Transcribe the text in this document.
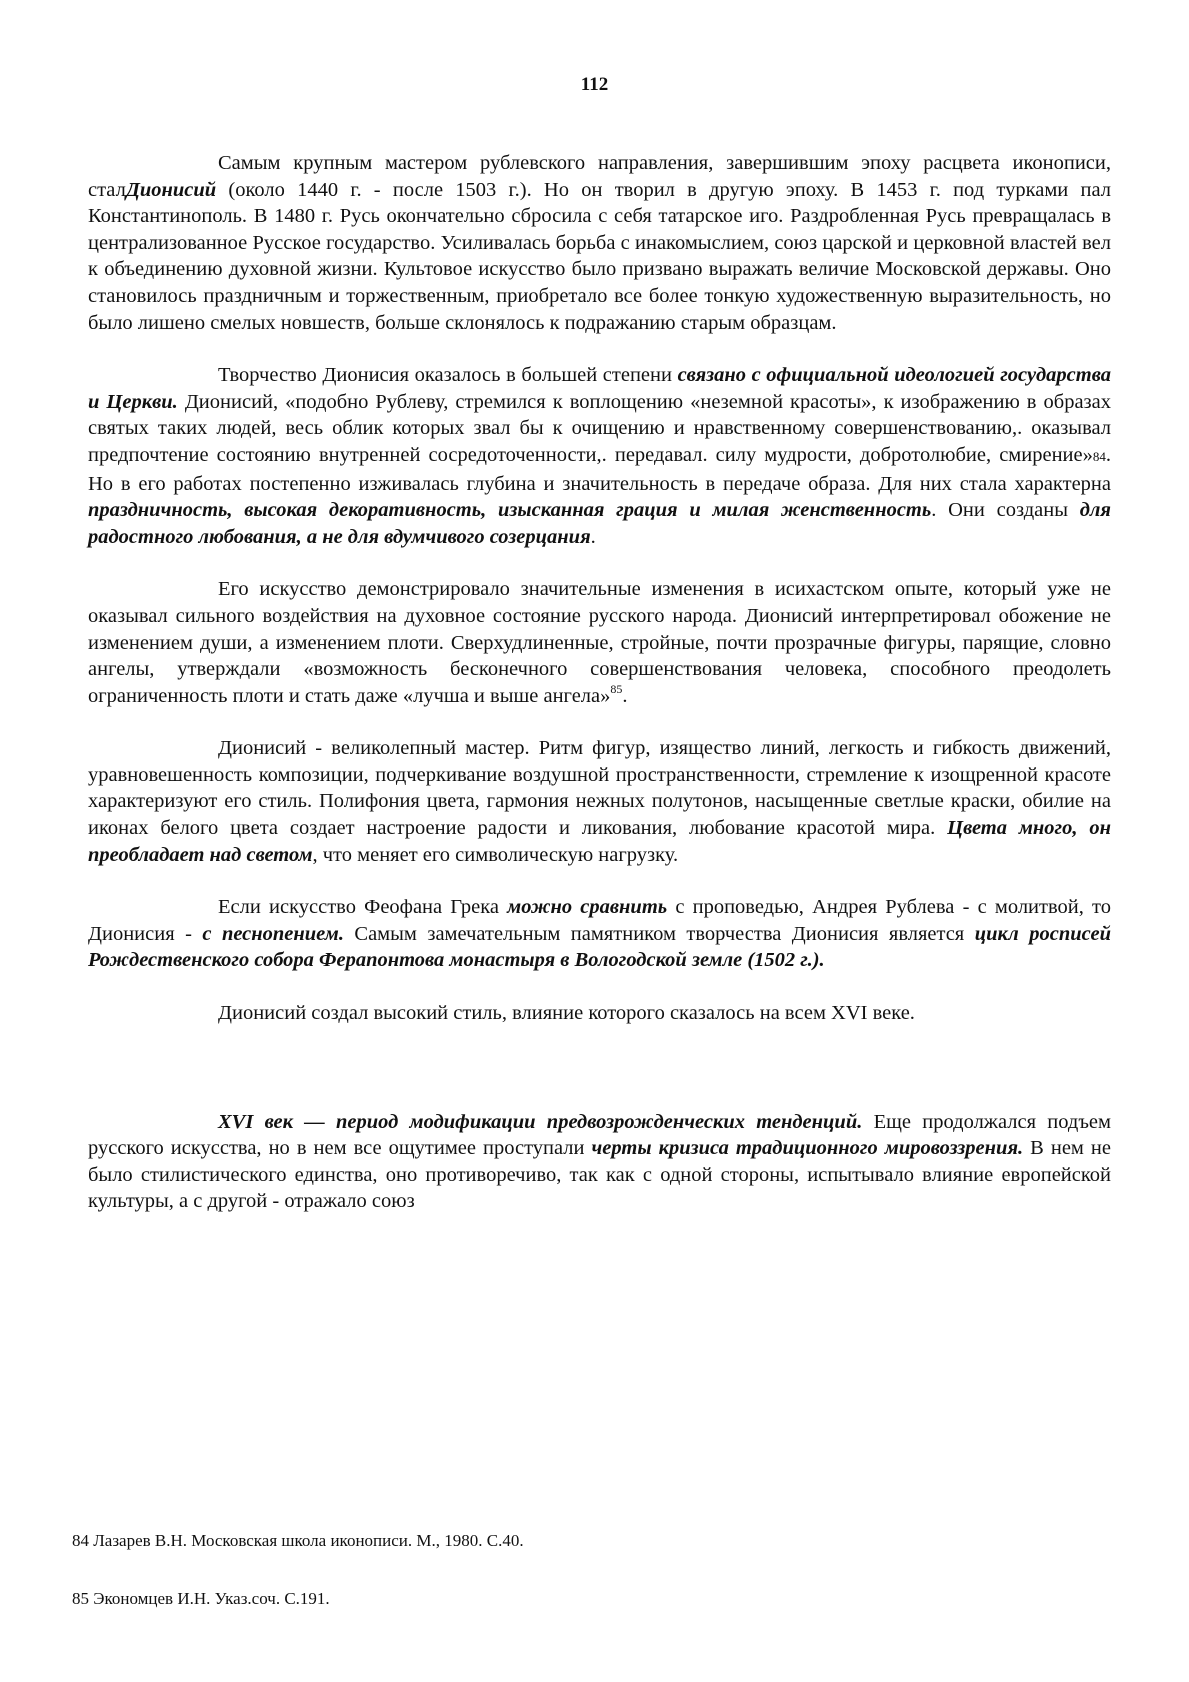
112

Самым крупным мастером рублевского направления, завершившим эпоху расцвета иконописи, сталДионисий (около 1440 г. - после 1503 г.). Но он творил в другую эпоху. В 1453 г. под турками пал Константинополь. В 1480 г. Русь окончательно сбросила с себя татарское иго. Раздробленная Русь превращалась в централизованное Русское государство. Усиливалась борьба с инакомыслием, союз царской и церковной властей вел к объединению духовной жизни. Культовое искусство было призвано выражать величие Московской державы. Оно становилось праздничным и торжественным, приобретало все более тонкую художественную выразительность, но было лишено смелых новшеств, больше склонялось к подражанию старым образцам.

Творчество Дионисия оказалось в большей степени связано с официальной идеологией государства и Церкви. Дионисий, «подобно Рублеву, стремился к воплощению «неземной красоты», к изображению в образах святых таких людей, весь облик которых звал бы к очищению и нравственному совершенствованию,. оказывал предпочтение состоянию внутренней сосредоточенности,. передавал. силу мудрости, добротолюбие, смирение»84. Но в его работах постепенно изживалась глубина и значительность в передаче образа. Для них стала характерна праздничность, высокая декоративность, изысканная грация и милая женственность. Они созданы для радостного любования, а не для вдумчивого созерцания.

Его искусство демонстрировало значительные изменения в исихастском опыте, который уже не оказывал сильного воздействия на духовное состояние русского народа. Дионисий интерпретировал обожение не изменением души, а изменением плоти. Сверхудлиненные, стройные, почти прозрачные фигуры, парящие, словно ангелы, утверждали «возможность бесконечного совершенствования человека, способного преодолеть ограниченность плоти и стать даже «лучша и выше ангела»$^{85}$.

Дионисий - великолепный мастер. Ритм фигур, изящество линий, легкость и гибкость движений, уравновешенность композиции, подчеркивание воздушной пространственности, стремление к изощренной красоте характеризуют его стиль. Полифония цвета, гармония нежных полутонов, насыщенные светлые краски, обилие на иконах белого цвета создает настроение радости и ликования, любование красотой мира. Цвета много, он преобладает над светом, что меняет его символическую нагрузку.

Если искусство Феофана Грека можно сравнить с проповедью, Андрея Рублева - с молитвой, то Дионисия - с песнопением. Самым замечательным памятником творчества Дионисия является цикл росписей Рождественского собора Ферапонтова монастыря в Вологодской земле (1502 г.).

Дионисий создал высокий стиль, влияние которого сказалось на всем XVI веке.

XVI век — период модификации предвозрожденческих тенденций. Еще продолжался подъем русского искусства, но в нем все ощутимее проступали черты кризиса традиционного мировоззрения. В нем не было стилистического единства, оно противоречиво, так как с одной стороны, испытывало влияние европейской культуры, а с другой - отражало союз

84 Лазарев В.Н. Московская школа иконописи. М., 1980. С.40.
85 Экономцев И.Н. Указ.соч. С.191.
